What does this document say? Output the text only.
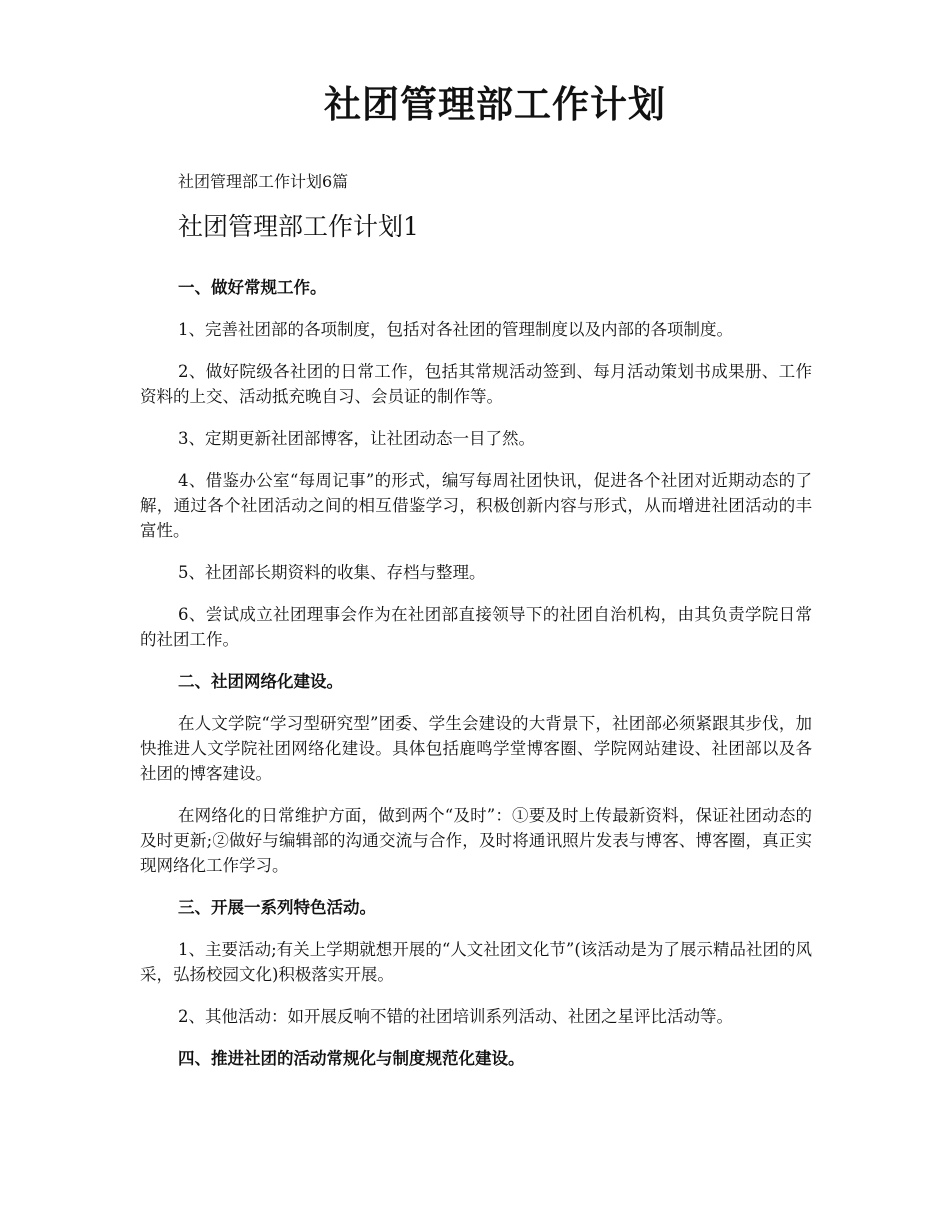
社团管理部工作计划
社团管理部工作计划6篇
社团管理部工作计划1

一、做好常规工作。

1、完善社团部的各项制度，包括对各社团的管理制度以及内部的各项制度。

2、做好院级各社团的日常工作，包括其常规活动签到、每月活动策划书成果册、工作资料的上交、活动抵充晚自习、会员证的制作等。

3、定期更新社团部博客，让社团动态一目了然。

4、借鉴办公室“每周记事”的形式，编写每周社团快讯，促进各个社团对近期动态的了解，通过各个社团活动之间的相互借鉴学习，积极创新内容与形式，从而增进社团活动的丰富性。

5、社团部长期资料的收集、存档与整理。

6、尝试成立社团理事会作为在社团部直接领导下的社团自治机构，由其负责学院日常的社团工作。

二、社团网络化建设。

在人文学院“学习型研究型”团委、学生会建设的大背景下，社团部必须紧跟其步伐，加快推进人文学院社团网络化建设。具体包括鹿鸣学堂博客圈、学院网站建设、社团部以及各社团的博客建设。

在网络化的日常维护方面，做到两个“及时”：①要及时上传最新资料，保证社团动态的及时更新;②做好与编辑部的沟通交流与合作，及时将通讯照片发表与博客、博客圈，真正实现网络化工作学习。

三、开展一系列特色活动。

1、主要活动;有关上学期就想开展的“人文社团文化节”(该活动是为了展示精品社团的风采，弘扬校园文化)积极落实开展。

2、其他活动：如开展反响不错的社团培训系列活动、社团之星评比活动等。

四、推进社团的活动常规化与制度规范化建设。
